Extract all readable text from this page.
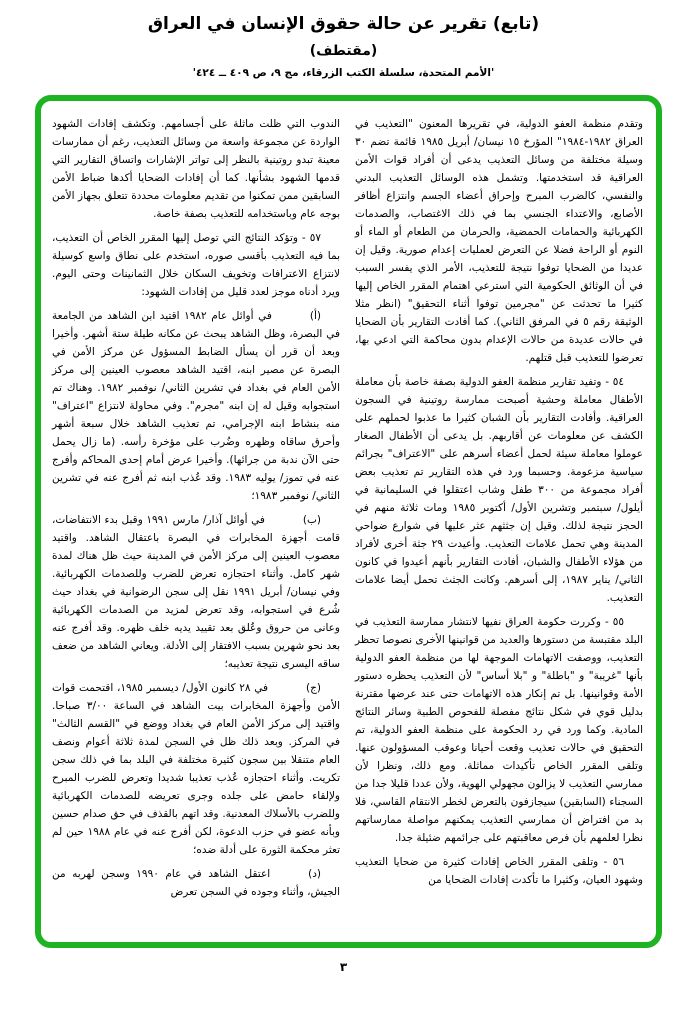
(تابع) تقرير عن حالة حقوق الإنسان في العراق
(مقتطف)
'الأمم المتحدة، سلسلة الكتب الزرقاء، مج ٩، ص ٤٠٩ ــ ٤٢٤'

وتقدم منظمة العفو الدولية، في تقريرها المعنون "التعذيب في العراق ١٩٨٢-١٩٨٤" المؤرخ ١٥ نيسان/ أبريل ١٩٨٥ قائمة تضم ٣٠ وسيلة مختلفة من وسائل التعذيب يدعى أن أفراد قوات الأمن العراقية قد استخدمتها. وتشمل هذه الوسائل التعذيب البدني والنفسي، كالضرب المبرح وإحراق أعضاء الجسم وانتزاع أظافر الأصابع، والاعتداء الجنسي بما في ذلك الاغتصاب، والصدمات الكهربائية والحمامات الحمضية، والحرمان من الطعام أو الماء أو النوم أو الراحة فضلا عن التعرض لعمليات إعدام صورية. وقيل إن عديدا من الضحايا توفوا نتيجة للتعذيب، الأمر الذي يفسر السبب في أن الوثائق الحكومية التي استرعي اهتمام المقرر الخاص إليها كثيرا ما تحدثت عن "مجرمين توفوا أثناء التحقيق" (انظر مثلا الوثيقة رقم ٥ في المرفق الثاني). كما أفادت التقارير بأن الضحايا في حالات عديدة من حالات الإعدام بدون محاكمة التي ادعي بها، تعرضوا للتعذيب قبل قتلهم.

٥٤ - وتفيد تقارير منظمة العفو الدولية بصفة خاصة بأن معاملة الأطفال معاملة وحشية أصبحت ممارسة روتينية في السجون العراقية. وأفادت التقارير بأن الشبان كثيرا ما عذبوا لحملهم على الكشف عن معلومات عن أقاربهم. بل يدعى أن الأطفال الصغار عوملوا معاملة سيئة لحمل أعضاء أسرهم على "الاعتراف" بجرائم سياسية مزعومة. وحسبما ورد في هذه التقارير تم تعذيب بعض أفراد مجموعة من ٣٠٠ طفل وشاب اعتقلوا في السليمانية في أيلول/ سبتمبر وتشرين الأول/ أكتوبر ١٩٨٥ ومات ثلاثة منهم في الحجز نتيجة لذلك. وقيل إن جثثهم عثر عليها في شوارع ضواحي المدينة وهي تحمل علامات التعذيب. وأعيدت ٢٩ جثة أخرى لأفراد من هؤلاء الأطفال والشبان، أفادت التقارير بأنهم أعيدوا في كانون الثاني/ يناير ١٩٨٧، إلى أسرهم. وكانت الجثث تحمل أيضا علامات التعذيب.

٥٥ - وكررت حكومة العراق نفيها لانتشار ممارسة التعذيب في البلد مقتبسة من دستورها والعديد من قوانينها الأخرى نصوصا تحظر التعذيب، ووصفت الاتهامات الموجهة لها من منظمة العفو الدولية بأنها "غريبة" و "باطلة" و "بلا أساس" لأن التعذيب يحظره دستور الأمة وقوانينها. بل تم إنكار هذه الاتهامات حتى عند عرضها مقترنة بدليل قوي في شكل نتائج مفصلة للفحوص الطبية وسائر النتائج المادية. وكما ورد في رد الحكومة على منظمة العفو الدولية، تم التحقيق في حالات تعذيب وقعت أحيانا وعوقب المسؤولون عنها. وتلقى المقرر الخاص تأكيدات مماثلة. ومع ذلك، ونظرا لأن ممارسي التعذيب لا يزالون مجهولي الهوية، ولأن عددا قليلا جدا من السجناء (السابقين) سيجازفون بالتعرض لخطر الانتقام القاسي، فلا بد من افتراض أن ممارسي التعذيب يمكنهم مواصلة ممارساتهم نظرا لعلمهم بأن فرص معاقبتهم على جرائمهم ضئيلة جدا.

٥٦ - وتلقى المقرر الخاص إفادات كثيرة من ضحايا التعذيب وشهود العيان، وكثيرا ما تأكدت إفادات الضحايا من

الندوب التي ظلت ماثلة على أجسامهم. وتكشف إفادات الشهود الواردة عن مجموعة واسعة من وسائل التعذيب، رغم أن ممارسات معينة تبدو روتينية بالنظر إلى تواتر الإشارات واتساق التقارير التي قدمها الشهود بشأنها. كما أن إفادات الضحايا أكدها ضباط الأمن السابقين ممن تمكنوا من تقديم معلومات محددة تتعلق بجهاز الأمن بوجه عام وباستخدامه للتعذيب بصفة خاصة.

٥٧ - وتؤكد النتائج التي توصل إليها المقرر الخاص أن التعذيب، بما فيه التعذيب بأقسى صوره، استخدم على نطاق واسع كوسيلة لانتزاع الاعترافات وتخويف السكان خلال الثمانينات وحتى اليوم. ويرد أدناه موجز لعدد قليل من إفادات الشهود:

(أ)في أوائل عام ١٩٨٢ اقتيد ابن الشاهد من الجامعة في البصرة، وظل الشاهد يبحث عن مكانه طيلة ستة أشهر. وأخيرا وبعد أن قرر أن يسأل الضابط المسؤول عن مركز الأمن في البصرة عن مصير ابنه، اقتيد الشاهد معصوب العينين إلى مركز الأمن العام في بغداد في تشرين الثاني/ نوفمبر ١٩٨٢. وهناك تم استجوابه وقيل له إن ابنه "مجرم". وفي محاولة لانتزاع "اعتراف" منه بنشاط ابنه الإجرامي، تم تعذيب الشاهد خلال سبعة أشهر وأحرق ساقاه وظهره وضُرب على مؤخرة رأسه. (ما زال يحمل حتى الآن ندبة من جرائها). وأخيرا عرض أمام إحدى المحاكم وأفرج عنه في تموز/ يوليه ١٩٨٣. وقد عُذب ابنه ثم أفرج عنه في تشرين الثاني/ نوفمبر ١٩٨٣؛

(ب)في أوائل آذار/ مارس ١٩٩١ وقبل بدء الانتفاضات، قامت أجهزة المخابرات في البصرة باعتقال الشاهد. واقتيد معصوب العينين إلى مركز الأمن في المدينة حيث ظل هناك لمدة شهر كامل. وأثناء احتجازه تعرض للضرب وللصدمات الكهربائية. وفي نيسان/ أبريل ١٩٩١ نقل إلى سجن الرضوانية في بغداد حيث شُرع في استجوابه، وقد تعرض لمزيد من الصدمات الكهربائية وعانى من حروق وعُلق بعد تقييد يديه خلف ظهره. وقد أفرج عنه بعد نحو شهرين بسبب الافتقار إلى الأدلة. ويعاني الشاهد من ضعف ساقه اليسرى نتيجة تعذيبه؛

(ج)في ٢٨ كانون الأول/ ديسمبر ١٩٨٥، اقتحمت قوات الأمن وأجهزة المخابرات بيت الشاهد في الساعة ٣/٠٠ صباحا. واقتيد إلى مركز الأمن العام في بغداد ووضع في "القسم الثالث" في المركز. وبعد ذلك ظل في السجن لمدة ثلاثة أعوام ونصف العام متنقلا بين سجون كثيرة مختلفة في البلد بما في ذلك سجن تكريت. وأثناء احتجازه عُذب تعذيبا شديدا وتعرض للضرب المبرح ولإلقاء حامض على جلده وجرى تعريضه للصدمات الكهربائية وللضرب بالأسلاك المعدنية. وقد اتهم بالقذف في حق صدام حسين وبأنه عضو في حزب الدعوة، لكن أفرج عنه في عام ١٩٨٨ حين لم تعثر محكمة الثورة على أدلة ضده؛

(د)اعتقل الشاهد في عام ١٩٩٠ وسجن لهربه من الجيش، وأثناء وجوده في السجن تعرض

٣
